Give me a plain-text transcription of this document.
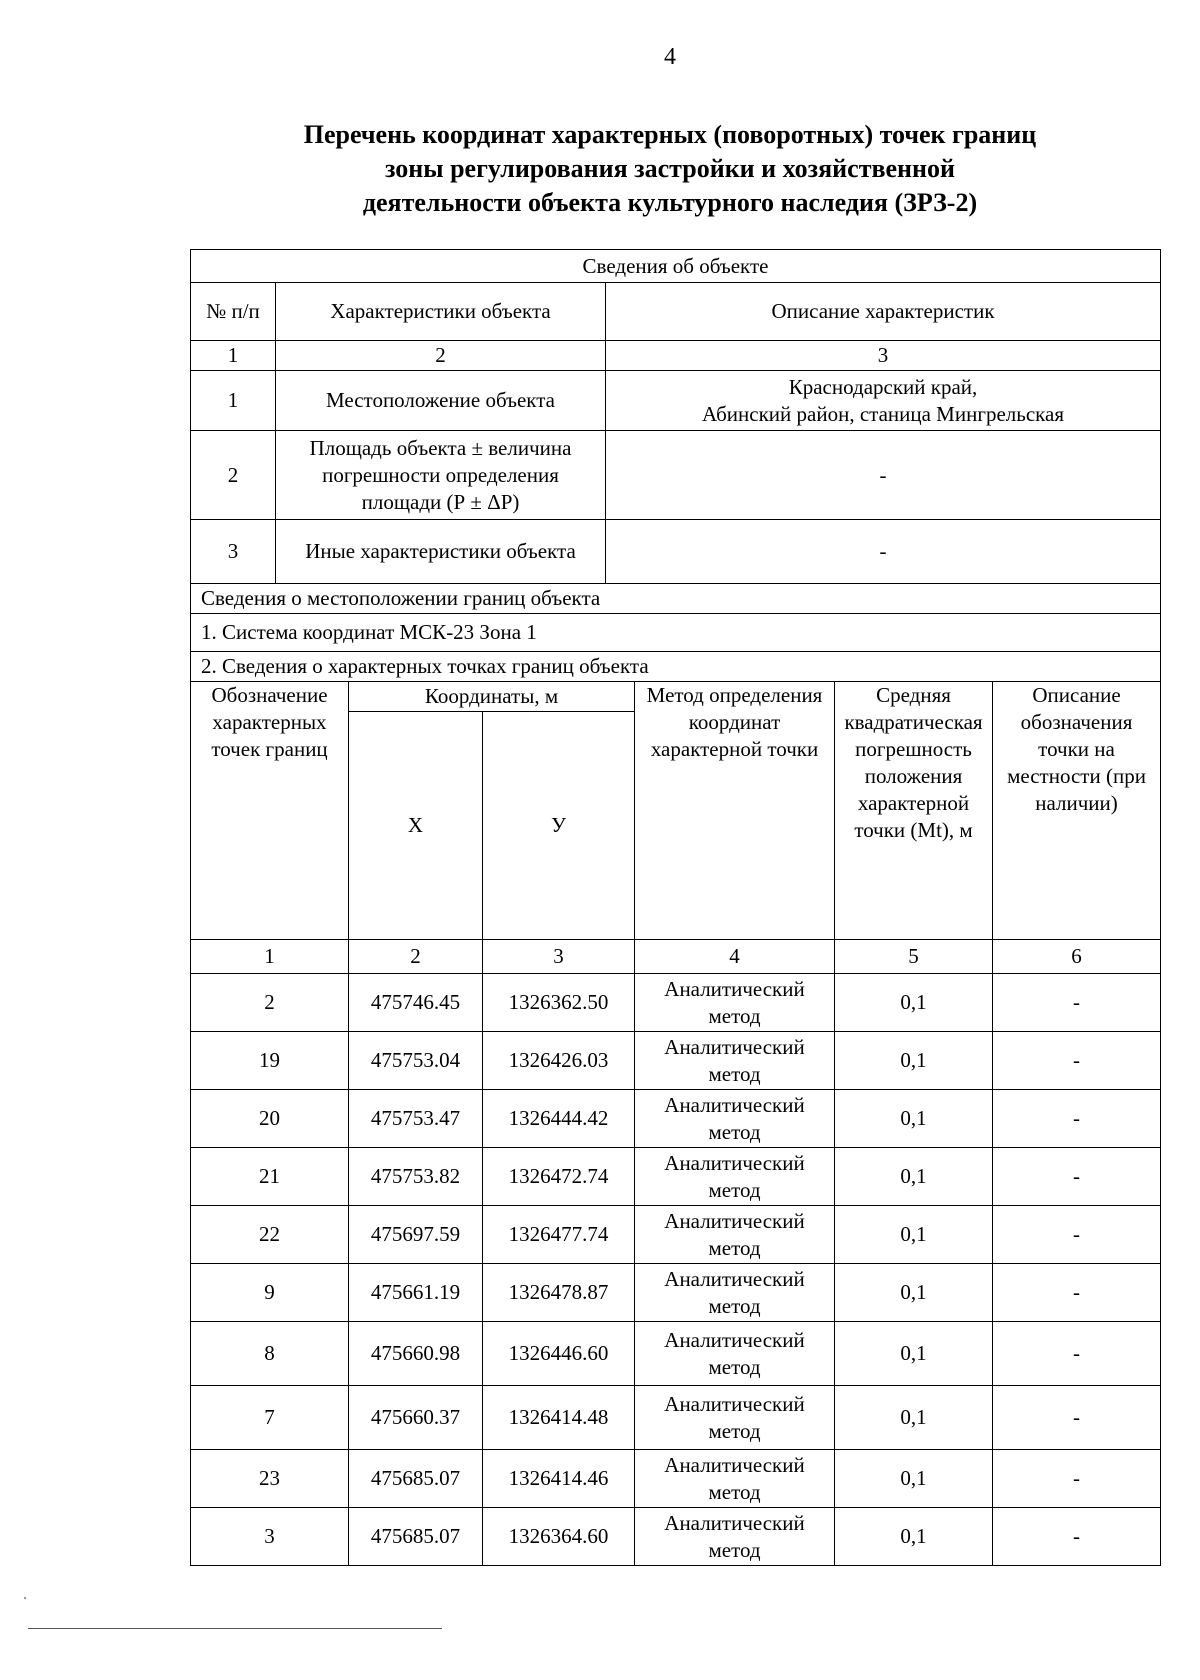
4
Перечень координат характерных (поворотных) точек границ
зоны регулирования застройки и хозяйственной
деятельности объекта культурного наследия (ЗРЗ-2)
Сведения об объекте		
№ п/п	Характеристики объекта	Описание характеристик
1	2	3
1	Местоположение объекта	Краснодарский край,
Абинский район, станица Мингрельская

2	Площадь объекта ± величина погрешности определения площади (Р ± ΔР)	-
3	Иные характеристики объекта	-
Сведения о местоположении границ объекта
1. Система координат МСК-23 Зона 1
2. Сведения о характерных точках границ объекта
Обозначение характерных точек границ	Координаты, м		Метод определения координат характерной точки	Средняя квадратическая погрешность положения характерной точки (Mt), м	Описание обозначения точки на местности (при наличии)
	Х	У			
1	2	3	4	5	6
2	475746.45	1326362.50	Аналитический метод	0,1	-
19	475753.04	1326426.03	Аналитический метод	0,1	-
20	475753.47	1326444.42	Аналитический метод	0,1	-
21	475753.82	1326472.74	Аналитический метод	0,1	-
22	475697.59	1326477.74	Аналитический метод	0,1	-
9	475661.19	1326478.87	Аналитический метод	0,1	-
8	475660.98	1326446.60	Аналитический метод	0,1	-
7	475660.37	1326414.48	Аналитический метод	0,1	-
23	475685.07	1326414.46	Аналитический метод	0,1	-
3	475685.07	1326364.60	Аналитический метод	0,1	-
